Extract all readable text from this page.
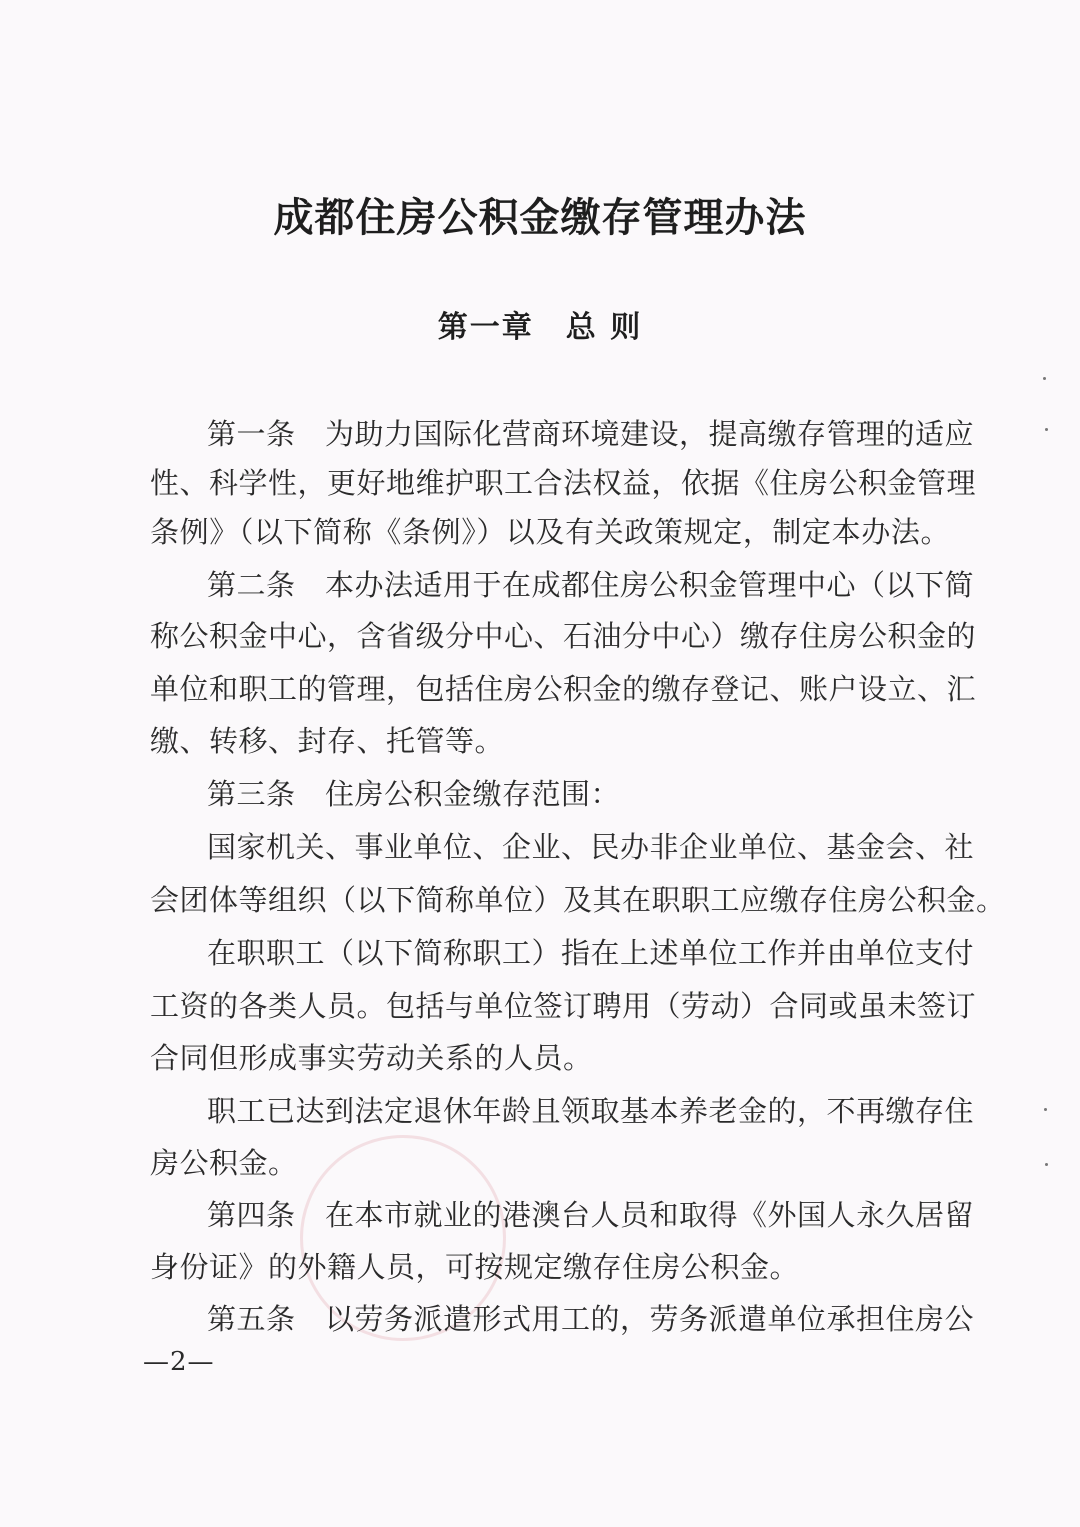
成都住房公积金缴存管理办法
第一章　总 则
第一条　为助力国际化营商环境建设，提高缴存管理的适应
性、科学性，更好地维护职工合法权益，依据《住房公积金管理
条例》（以下简称《条例》）以及有关政策规定，制定本办法。
第二条　本办法适用于在成都住房公积金管理中心（以下简
称公积金中心，含省级分中心、石油分中心）缴存住房公积金的
单位和职工的管理，包括住房公积金的缴存登记、账户设立、汇
缴、转移、封存、托管等。
第三条　住房公积金缴存范围：
国家机关、事业单位、企业、民办非企业单位、基金会、社
会团体等组织（以下简称单位）及其在职职工应缴存住房公积金。
在职职工（以下简称职工）指在上述单位工作并由单位支付
工资的各类人员。包括与单位签订聘用（劳动）合同或虽未签订
合同但形成事实劳动关系的人员。
职工已达到法定退休年龄且领取基本养老金的，不再缴存住
房公积金。
第四条　在本市就业的港澳台人员和取得《外国人永久居留
身份证》的外籍人员，可按规定缴存住房公积金。
第五条　以劳务派遣形式用工的，劳务派遣单位承担住房公
—2—
